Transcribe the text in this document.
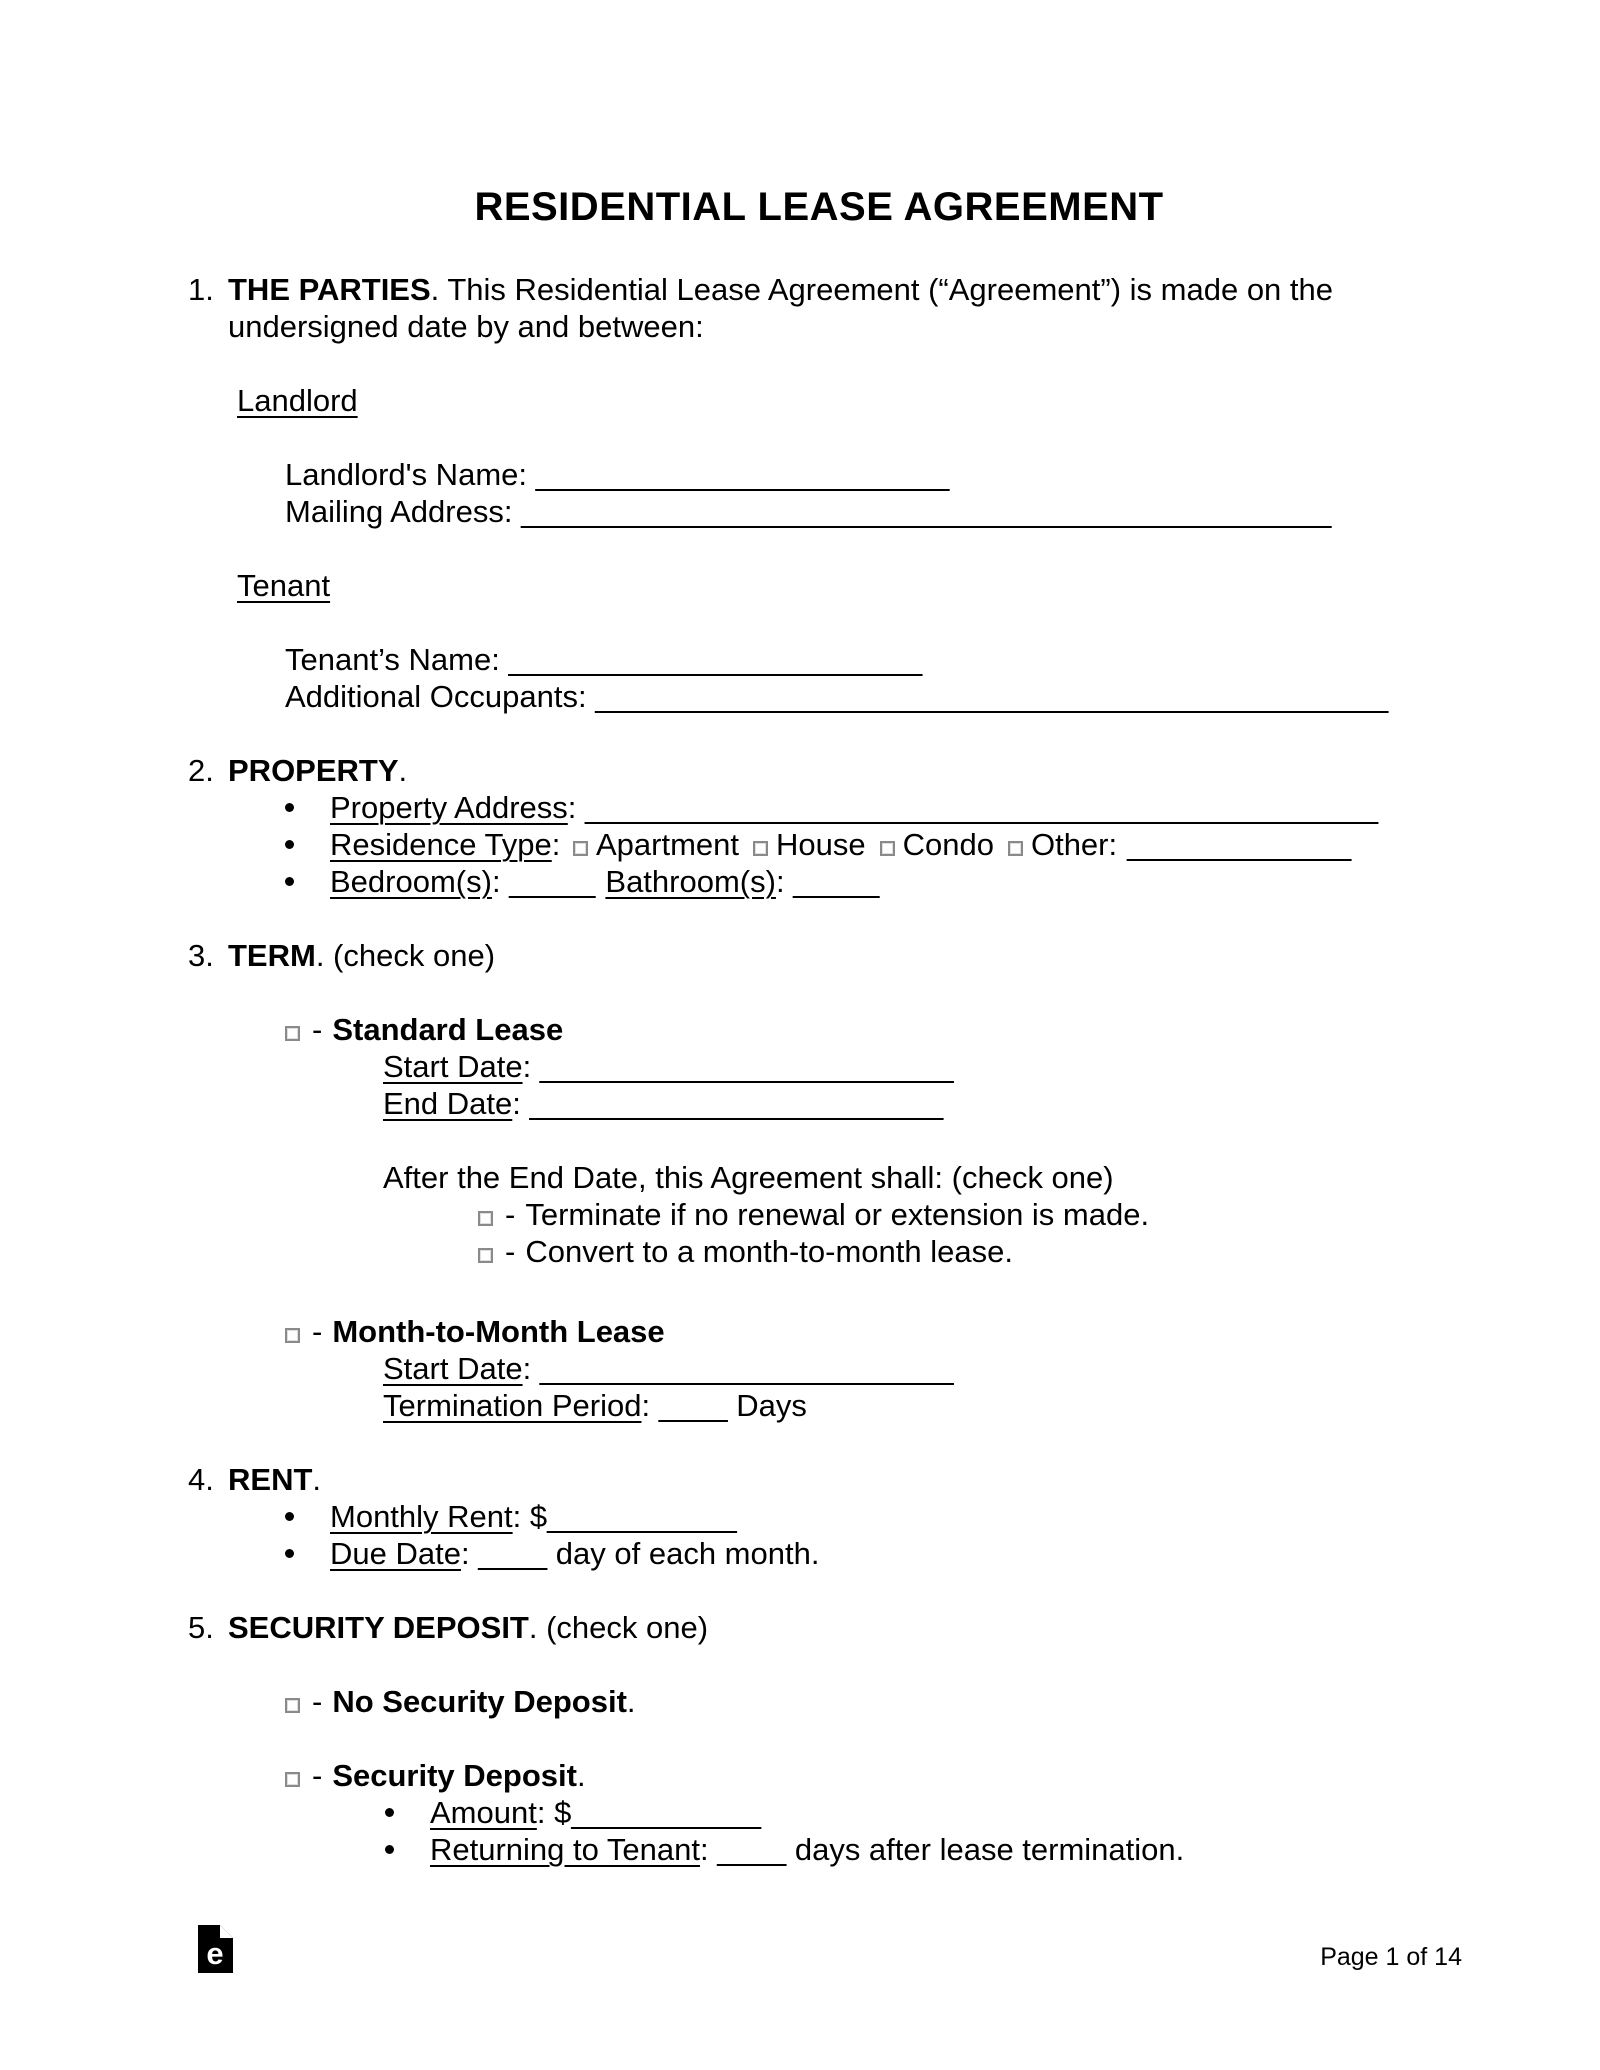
RESIDENTIAL LEASE AGREEMENT

1. THE PARTIES. This Residential Lease Agreement (“Agreement”) is made on the
undersigned date by and between:

Landlord

Landlord's Name: ________________________

Mailing Address: _______________________________________________

Tenant

Tenant’s Name: ________________________

Additional Occupants: ______________________________________________

2. PROPERTY.

Property Address: ______________________________________________

Residence Type: Apartment House Condo Other: _____________

Bedroom(s): _____ Bathroom(s): _____

3. TERM. (check one)

- Standard Lease

Start Date: ________________________

End Date: ________________________

After the End Date, this Agreement shall: (check one)

- Terminate if no renewal or extension is made.

- Convert to a month-to-month lease.

- Month-to-Month Lease

Start Date: ________________________

Termination Period: ____ Days

4. RENT.

Monthly Rent: $___________

Due Date: ____ day of each month.

5. SECURITY DEPOSIT. (check one)

- No Security Deposit.

- Security Deposit.

Amount: $___________

Returning to Tenant: ____ days after lease termination.

e	Page 1 of 14
